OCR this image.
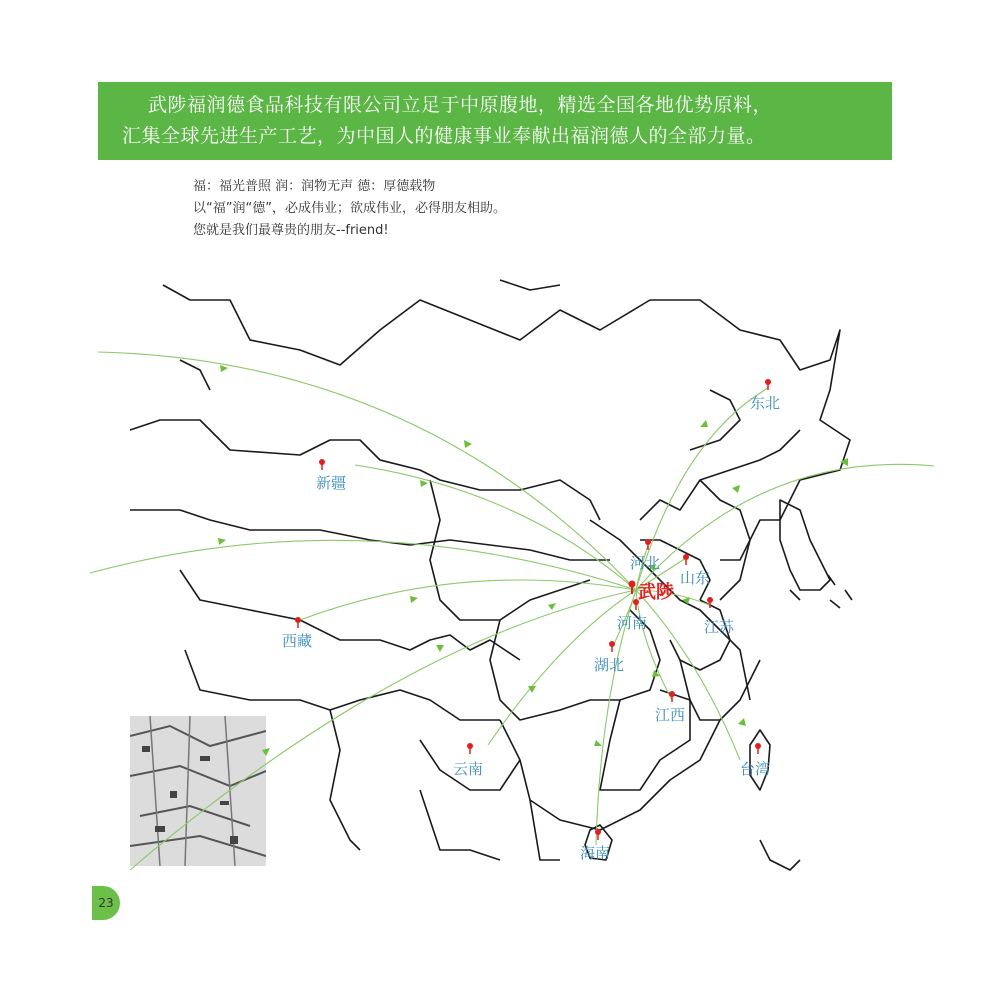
武陟福润德食品科技有限公司立足于中原腹地，精选全国各地优势原料，
汇集全球先进生产工艺，为中国人的健康事业奉献出福润德人的全部力量。
福：福光普照 润：润物无声 德：厚德载物
以“福”润“德”，必成伟业；欲成伟业，必得朋友相助。
您就是我们最尊贵的朋友--friend!
东北
新疆
河北
山东
西藏
河南	江苏
湖北
江西
云南	台湾
海南
武陟
23
